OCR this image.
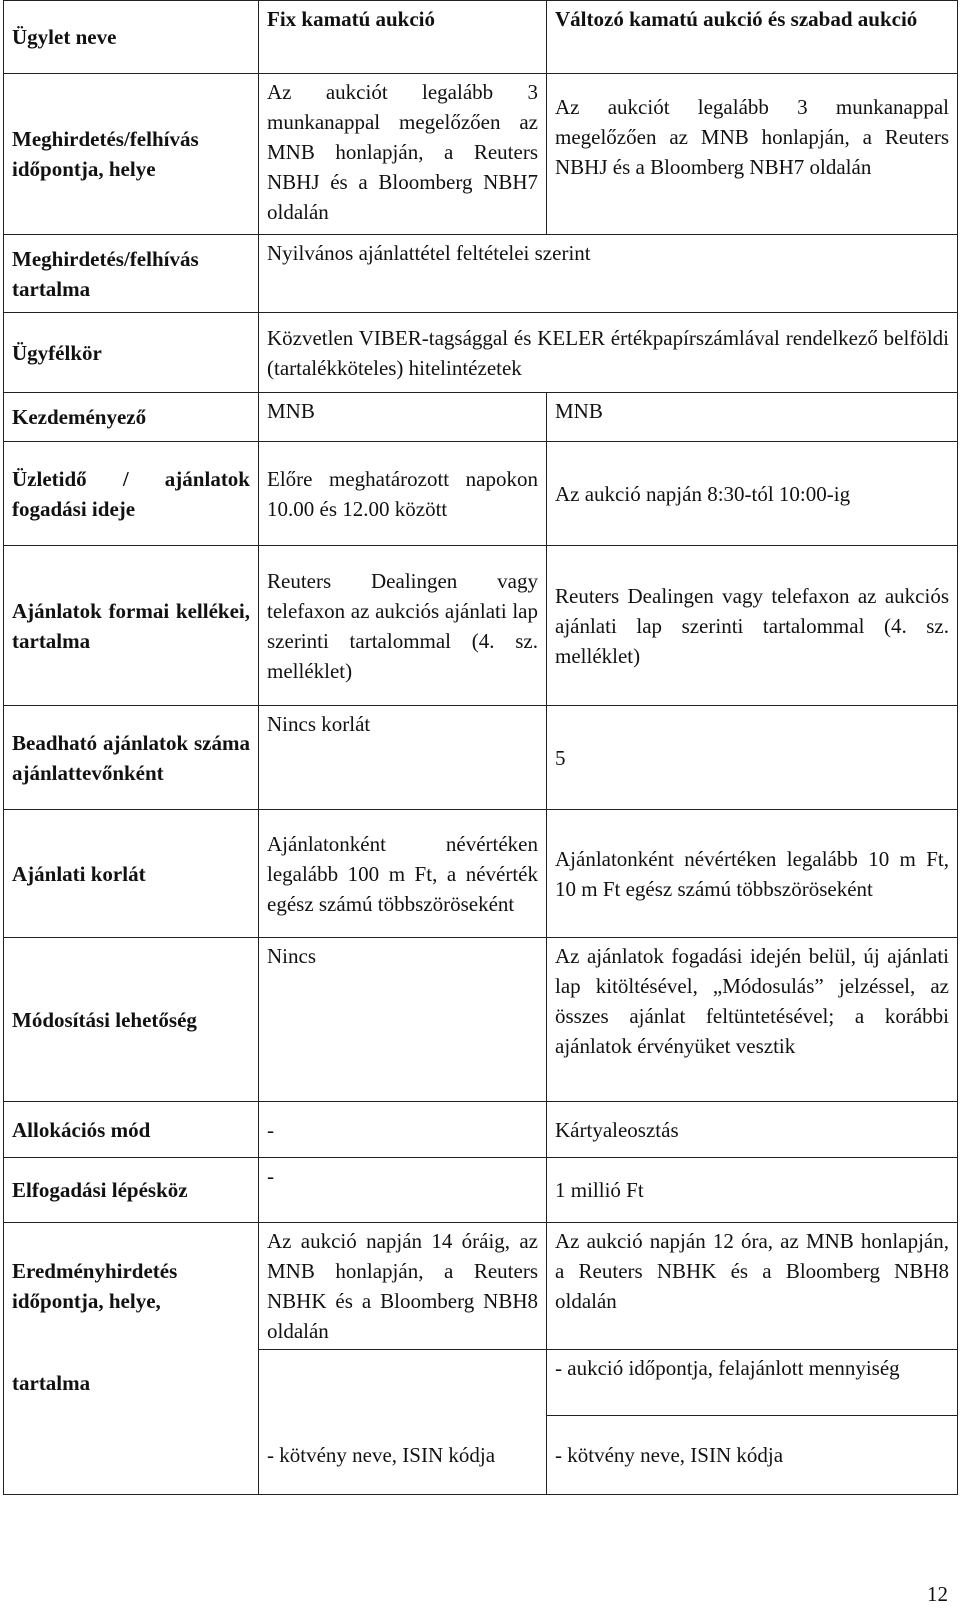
Ügylet neve	Fix kamatú aukció	Változó kamatú aukció és szabad aukció
Meghirdetés/felhívás időpontja, helye	Az aukciót legalább 3 munkanappal megelőzően az MNB honlapján, a Reuters NBHJ és a Bloomberg NBH7 oldalán	Az aukciót legalább 3 munkanappal megelőzően az MNB honlapján, a Reuters NBHJ és a Bloomberg NBH7 oldalán
Meghirdetés/felhívás tartalma	Nyilvános ajánlattétel feltételei szerint	
Ügyfélkör	Közvetlen VIBER-tagsággal és KELER értékpapírszámlával rendelkező belföldi (tartalékköteles) hitelintézetek	
Kezdeményező	MNB	MNB
Üzletidő / ajánlatok fogadási ideje	Előre meghatározott napokon 10.00 és 12.00 között	Az aukció napján 8:30-tól 10:00-ig
Ajánlatok formai kellékei, tartalma	Reuters Dealingen vagy telefaxon az aukciós ajánlati lap szerinti tartalommal (4. sz. melléklet)	Reuters Dealingen vagy telefaxon az aukciós ajánlati lap szerinti tartalommal (4. sz. melléklet)
Beadható ajánlatok száma ajánlattevőnként	Nincs korlát	5
Ajánlati korlát	Ajánlatonként névértéken legalább 100 m Ft, a névérték egész számú többszöröseként	Ajánlatonként névértéken legalább 10 m Ft, 10 m Ft egész számú többszöröseként
Módosítási lehetőség	Nincs	Az ajánlatok fogadási idején belül, új ajánlati lap kitöltésével, „Módosulás” jelzéssel, az összes ajánlat feltüntetésével; a korábbi ajánlatok érvényüket vesztik
Allokációs mód	-	Kártyaleosztás
Elfogadási lépésköz	-	1 millió Ft
Eredményhirdetés időpontja, helye,	Az aukció napján 14 óráig, az MNB honlapján, a Reuters NBHK és a Bloomberg NBH8 oldalán	Az aukció napján 12 óra, az MNB honlapján, a Reuters NBHK és a Bloomberg NBH8 oldalán
tartalma		- aukció időpontja, felajánlott mennyiség
	- kötvény neve, ISIN kódja	- kötvény neve, ISIN kódja
12
